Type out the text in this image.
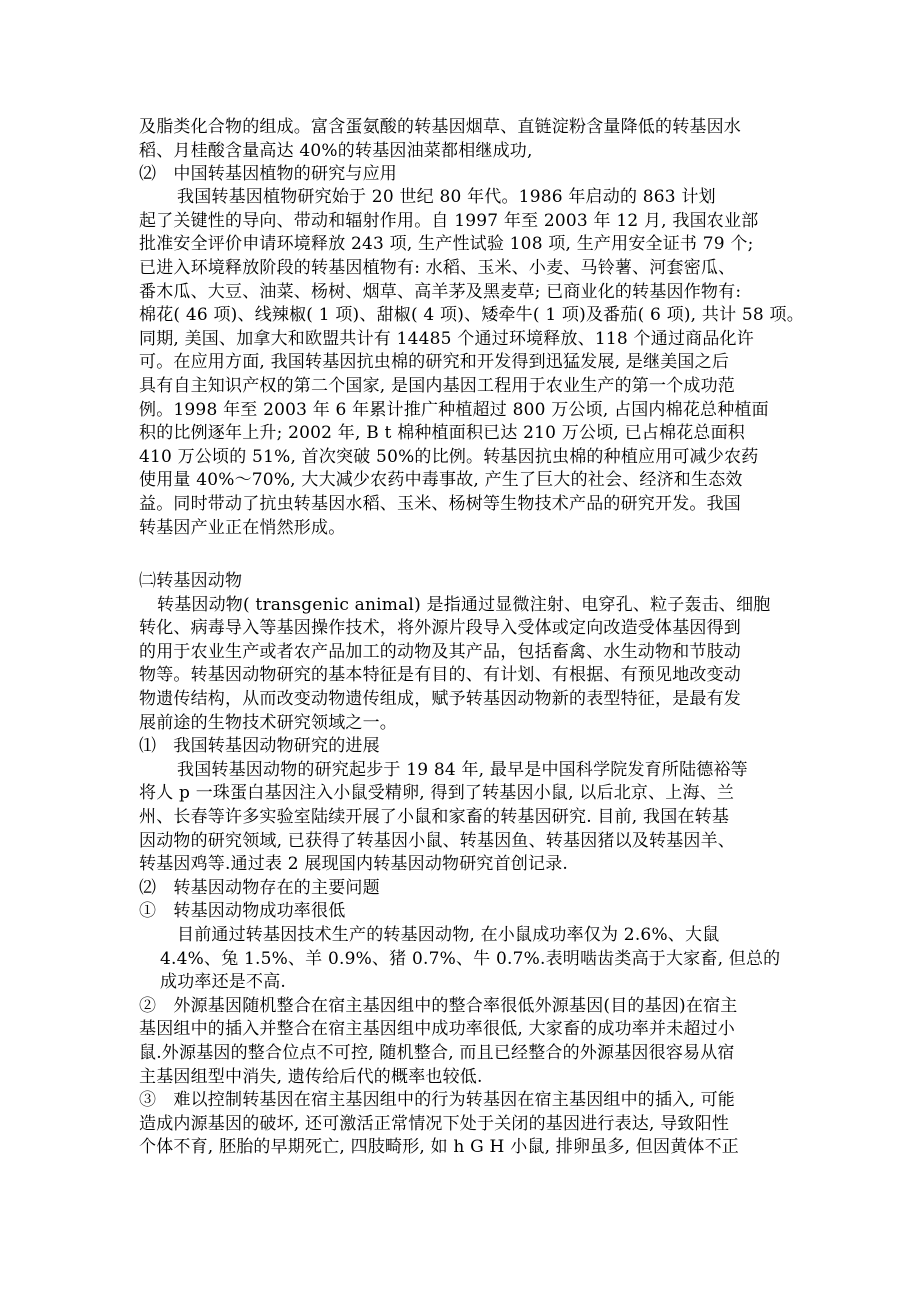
及脂类化合物的组成。富含蛋氨酸的转基因烟草、直链淀粉含量降低的转基因水
稻、月桂酸含量高达 40%的转基因油菜都相继成功,
⑵　中国转基因植物的研究与应用
我国转基因植物研究始于 20 世纪 80 年代。1986 年启动的 863 计划
起了关键性的导向、带动和辐射作用。自 1997 年至 2003 年 12 月, 我国农业部
批准安全评价申请环境释放 243 项, 生产性试验 108 项, 生产用安全证书 79 个;
已进入环境释放阶段的转基因植物有: 水稻、玉米、小麦、马铃薯、河套密瓜、
番木瓜、大豆、油菜、杨树、烟草、高羊茅及黑麦草; 已商业化的转基因作物有:
棉花( 46 项)、线辣椒( 1 项)、甜椒( 4 项)、矮牵牛( 1 项)及番茄( 6 项), 共计 58 项。
同期, 美国、加拿大和欧盟共计有 14485 个通过环境释放、118 个通过商品化许
可。在应用方面, 我国转基因抗虫棉的研究和开发得到迅猛发展, 是继美国之后
具有自主知识产权的第二个国家, 是国内基因工程用于农业生产的第一个成功范
例。1998 年至 2003 年 6 年累计推广种植超过 800 万公顷, 占国内棉花总种植面
积的比例逐年上升; 2002 年, B t 棉种植面积已达 210 万公顷, 已占棉花总面积
410 万公顷的 51%, 首次突破 50%的比例。转基因抗虫棉的种植应用可减少农药
使用量 40%～70%, 大大减少农药中毒事故, 产生了巨大的社会、经济和生态效
益。同时带动了抗虫转基因水稻、玉米、杨树等生物技术产品的研究开发。我国
转基因产业正在悄然形成。
㈡转基因动物
转基因动物( transgenic animal) 是指通过显微注射、电穿孔、粒子轰击、细胞
转化、病毒导入等基因操作技术，将外源片段导入受体或定向改造受体基因得到
的用于农业生产或者农产品加工的动物及其产品，包括畜禽、水生动物和节肢动
物等。转基因动物研究的基本特征是有目的、有计划、有根据、有预见地改变动
物遗传结构，从而改变动物遗传组成，赋予转基因动物新的表型特征，是最有发
展前途的生物技术研究领域之一。
⑴　我国转基因动物研究的进展
我国转基因动物的研究起步于 19 84 年, 最早是中国科学院发育所陆德裕等
将人 p 一珠蛋白基因注入小鼠受精卵, 得到了转基因小鼠, 以后北京、上海、兰
州、长春等许多实验室陆续开展了小鼠和家畜的转基因研究. 目前, 我国在转基
因动物的研究领域, 已获得了转基因小鼠、转基因鱼、转基因猪以及转基因羊、
转基因鸡等.通过表 2 展现国内转基因动物研究首创记录.
⑵　转基因动物存在的主要问题
①　转基因动物成功率很低
目前通过转基因技术生产的转基因动物, 在小鼠成功率仅为 2.6%、大鼠
4.4%、兔 1.5%、羊 0.9%、猪 0.7%、牛 0.7%.表明啮齿类高于大家畜, 但总的
成功率还是不高.
②　外源基因随机整合在宿主基因组中的整合率很低外源基因(目的基因)在宿主
基因组中的插入并整合在宿主基因组中成功率很低, 大家畜的成功率并未超过小
鼠.外源基因的整合位点不可控, 随机整合, 而且已经整合的外源基因很容易从宿
主基因组型中消失, 遗传给后代的概率也较低.
③　难以控制转基因在宿主基因组中的行为转基因在宿主基因组中的插入, 可能
造成内源基因的破坏, 还可激活正常情况下处于关闭的基因进行表达, 导致阳性
个体不育, 胚胎的早期死亡, 四肢畸形, 如 h G H 小鼠, 排卵虽多, 但因黄体不正
